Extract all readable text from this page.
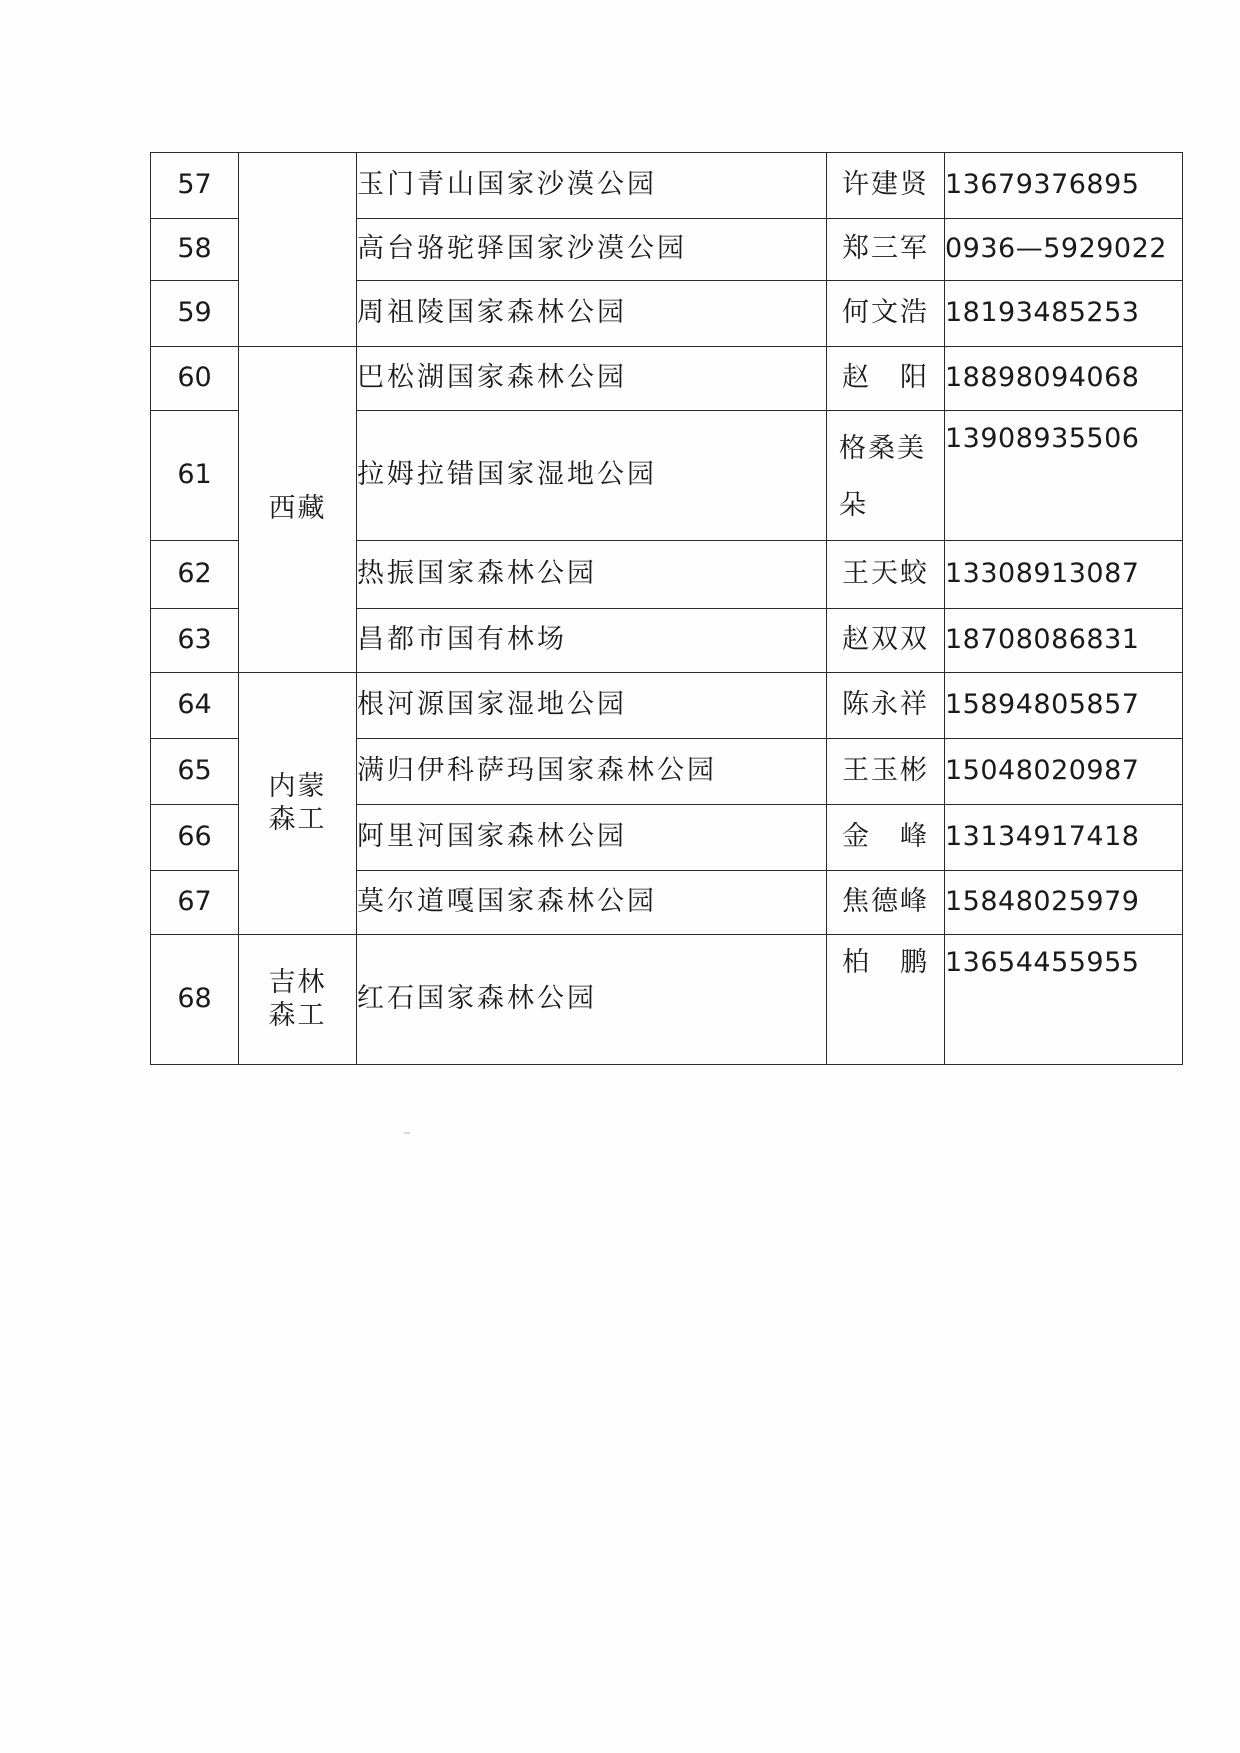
57		玉门青山国家沙漠公园	许建贤	13679376895
58		高台骆驼驿国家沙漠公园	郑三军	0936—5929022
59		周祖陵国家森林公园	何文浩	18193485253
60	西藏	巴松湖国家森林公园	赵　阳	18898094068
61		拉姆拉错国家湿地公园	格桑美朵	13908935506
62		热振国家森林公园	王天蛟	13308913087
63		昌都市国有林场	赵双双	18708086831
64	内蒙森工	根河源国家湿地公园	陈永祥	15894805857
65		满归伊科萨玛国家森林公园	王玉彬	15048020987
66		阿里河国家森林公园	金　峰	13134917418
67		莫尔道嘎国家森林公园	焦德峰	15848025979
68	吉林森工	红石国家森林公园	柏　鹏	13654455955
